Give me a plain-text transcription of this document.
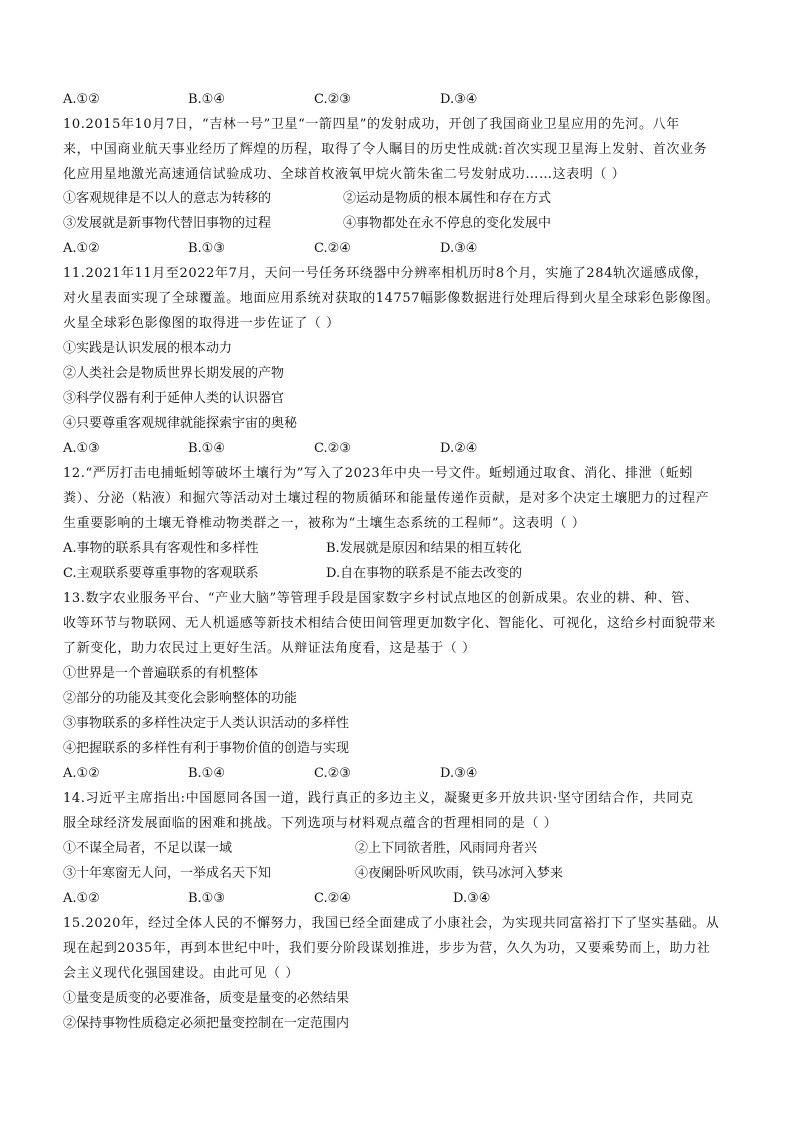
A.①②	B.①④	C.②③	D.③④
10.2015年10月7日，“吉林一号”卫星“一箭四星”的发射成功，开创了我国商业卫星应用的先河。八年
来，中国商业航天事业经历了辉煌的历程，取得了令人瞩目的历史性成就:首次实现卫星海上发射、首次业务
化应用星地激光高速通信试验成功、全球首枚液氧甲烷火箭朱雀二号发射成功……这表明（ ）
①客观规律是不以人的意志为转移的	②运动是物质的根本属性和存在方式
③发展就是新事物代替旧事物的过程	④事物都处在永不停息的变化发展中
A.①②	B.①③	C.②④	D.③④
11.2021年11月至2022年7月，天问一号任务环绕器中分辨率相机历时8个月，实施了284轨次遥感成像，
对火星表面实现了全球覆盖。地面应用系统对获取的14757幅影像数据进行处理后得到火星全球彩色影像图。
火星全球彩色影像图的取得进一步佐证了（ ）
①实践是认识发展的根本动力
②人类社会是物质世界长期发展的产物
③科学仪器有利于延伸人类的认识器官
④只要尊重客观规律就能探索宇宙的奥秘
A.①③	B.①④	C.②③	D.②④
12.“严厉打击电捕蚯蚓等破坏土壤行为”写入了2023年中央一号文件。蚯蚓通过取食、消化、排泄（蚯蚓
粪）、分泌（粘液）和掘穴等活动对土壤过程的物质循环和能量传递作贡献，是对多个决定土壤肥力的过程产
生重要影响的土壤无脊椎动物类群之一，被称为“土壤生态系统的工程师”。这表明（ ）
A.事物的联系具有客观性和多样性	B.发展就是原因和结果的相互转化
C.主观联系要尊重事物的客观联系	D.自在事物的联系是不能去改变的
13.数字农业服务平台、“产业大脑”等管理手段是国家数字乡村试点地区的创新成果。农业的耕、种、管、
收等环节与物联网、无人机遥感等新技术相结合使田间管理更加数字化、智能化、可视化，这给乡村面貌带来
了新变化，助力农民过上更好生活。从辩证法角度看，这是基于（ ）
①世界是一个普遍联系的有机整体
②部分的功能及其变化会影响整体的功能
③事物联系的多样性决定于人类认识活动的多样性
④把握联系的多样性有利于事物价值的创造与实现
A.①②	B.①④	C.②③	D.③④
14.习近平主席指出:中国愿同各国一道，践行真正的多边主义，凝聚更多开放共识·坚守团结合作，共同克
服全球经济发展面临的困难和挑战。下列选项与材料观点蕴含的哲理相同的是（ ）
①不谋全局者，不足以谋一域	②上下同欲者胜，风雨同舟者兴
③十年寒窗无人问，一举成名天下知	④夜阑卧听风吹雨，铁马冰河入梦来
A.①②	B.①③	C.②④	D.③④
15.2020年，经过全体人民的不懈努力，我国已经全面建成了小康社会，为实现共同富裕打下了坚实基础。从
现在起到2035年，再到本世纪中叶，我们要分阶段谋划推进，步步为营，久久为功，又要乘势而上，助力社
会主义现代化强国建设。由此可见（ ）
①量变是质变的必要准备，质变是量变的必然结果
②保持事物性质稳定必须把量变控制在一定范围内
